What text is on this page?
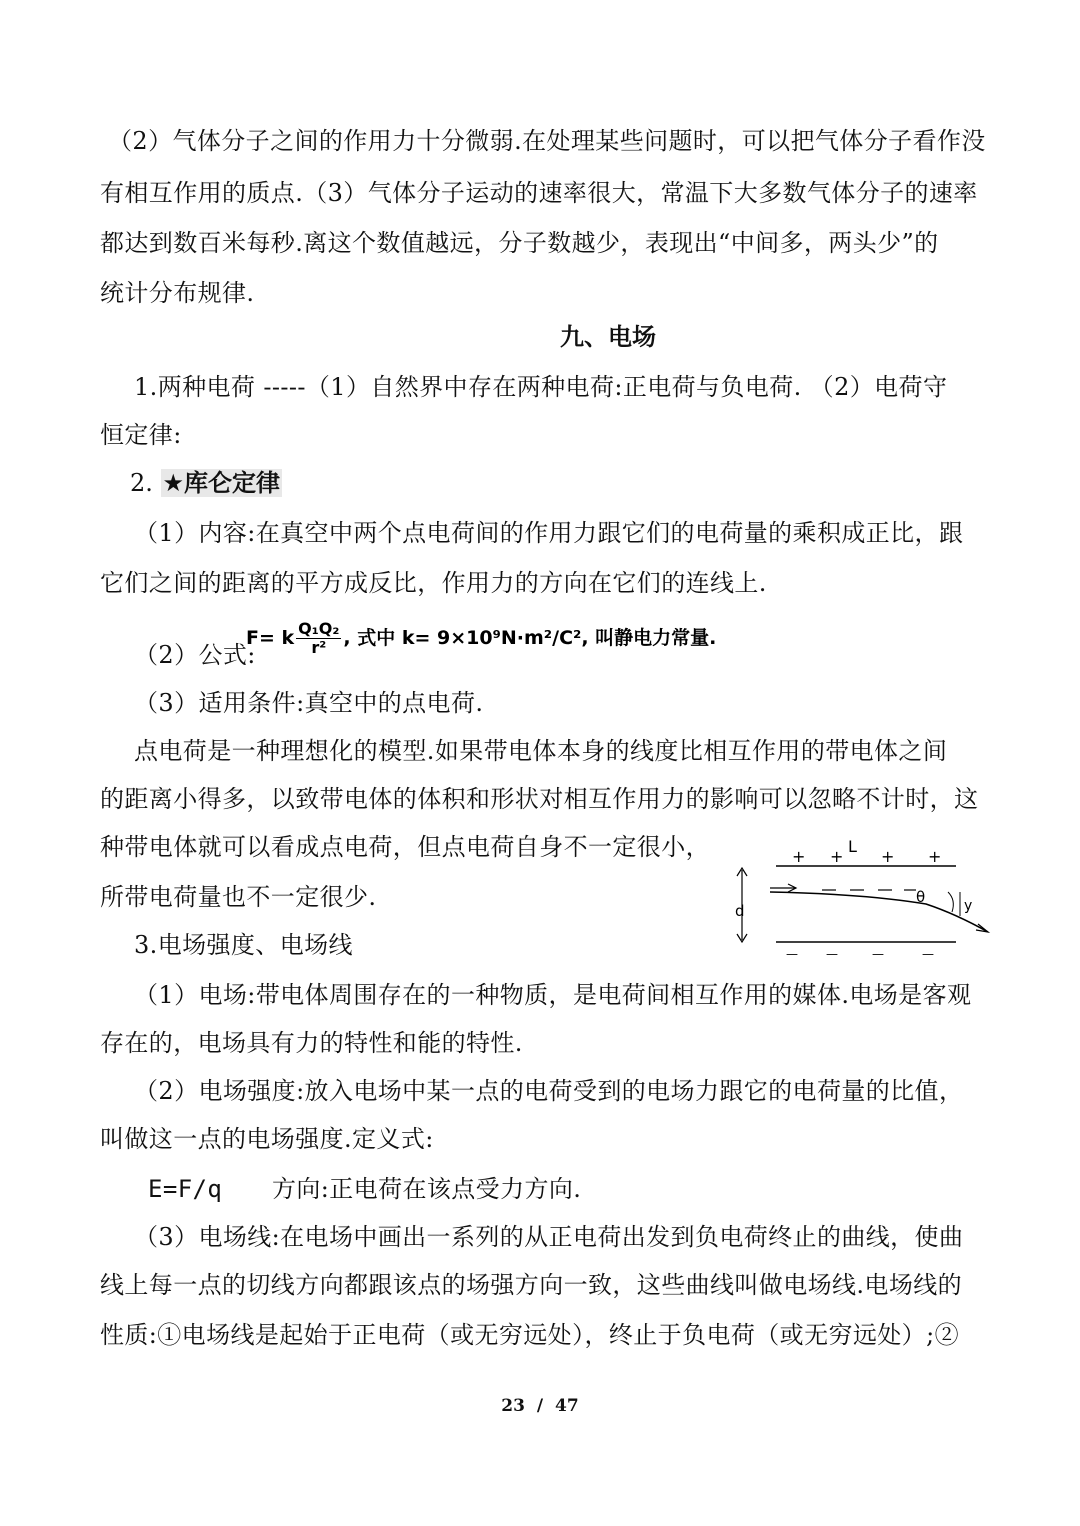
（2）气体分子之间的作用力十分微弱.在处理某些问题时，可以把气体分子看作没
有相互作用的质点.（3）气体分子运动的速率很大，常温下大多数气体分子的速率
都达到数百米每秒.离这个数值越远，分子数越少，表现出“中间多，两头少”的
统计分布规律.
九、电场
1.两种电荷 -----（1）自然界中存在两种电荷:正电荷与负电荷. （2）电荷守
恒定律:
2. ★库仑定律
（1）内容:在真空中两个点电荷间的作用力跟它们的电荷量的乘积成正比，跟
它们之间的距离的平方成反比，作用力的方向在它们的连线上.
（2）公式:
F= k $\frac{\text{Q₁Q₂}}{\text{r²}}$ , 式中 k= 9×10⁹N·m²/C², 叫静电力常量.
（3）适用条件:真空中的点电荷.
点电荷是一种理想化的模型.如果带电体本身的线度比相互作用的带电体之间
的距离小得多，以致带电体的体积和形状对相互作用力的影响可以忽略不计时，这
种带电体就可以看成点电荷，但点电荷自身不一定很小，
所带电荷量也不一定很少.
+ + + +
L
— —	—	—
d
θ	y
3.电场强度、电场线
（1）电场:带电体周围存在的一种物质，是电荷间相互作用的媒体.电场是客观
存在的，电场具有力的特性和能的特性.
（2）电场强度:放入电场中某一点的电荷受到的电场力跟它的电荷量的比值，
叫做这一点的电场强度.定义式:
E=F/q 方向:正电荷在该点受力方向.
（3）电场线:在电场中画出一系列的从正电荷出发到负电荷终止的曲线，使曲
线上每一点的切线方向都跟该点的场强方向一致，这些曲线叫做电场线.电场线的
性质:①电场线是起始于正电荷（或无穷远处），终止于负电荷（或无穷远处）;②
23 / 47
